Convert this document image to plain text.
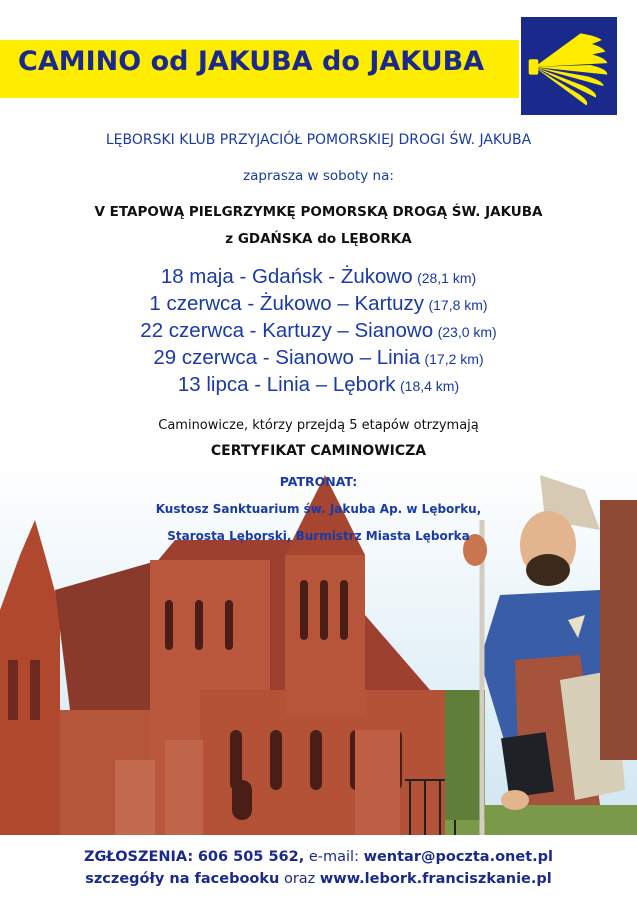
CAMINO od JAKUBA do JAKUBA
LĘBORSKI KLUB PRZYJACIÓŁ POMORSKIEJ DROGI ŚW. JAKUBA
zaprasza w soboty na:
V ETAPOWĄ PIELGRZYMKĘ POMORSKĄ DROGĄ ŚW. JAKUBA
z GDAŃSKA do LĘBORKA
18 maja - Gdańsk - Żukowo (28,1 km)
1 czerwca - Żukowo – Kartuzy (17,8 km)
22 czerwca - Kartuzy – Sianowo (23,0 km)
29 czerwca - Sianowo – Linia (17,2 km)
13 lipca - Linia – Lębork (18,4 km)
Caminowicze, którzy przejdą 5 etapów otrzymają
CERTYFIKAT CAMINOWICZA
PATRONAT:
Kustosz Sanktuarium św. Jakuba Ap. w Lęborku,
Starosta Lęborski, Burmistrz Miasta Lęborka
ZGŁOSZENIA: 606 505 562, e-mail: wentar@poczta.onet.pl
szczegóły na facebooku oraz www.lebork.franciszkanie.pl
